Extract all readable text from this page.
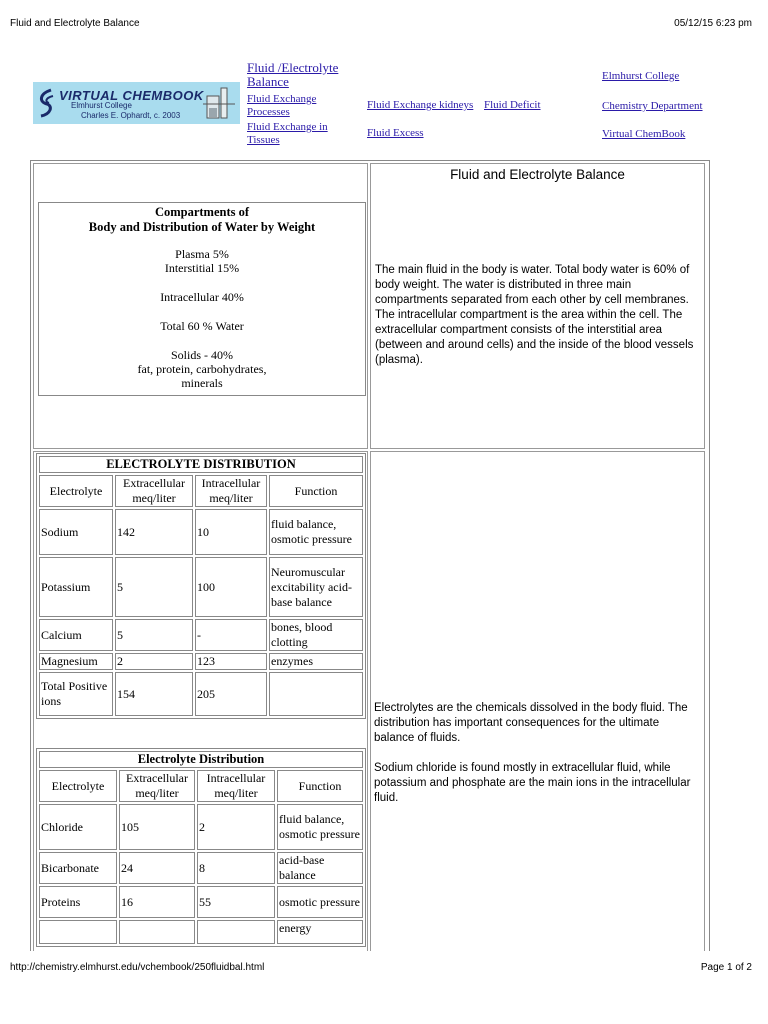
Fluid and Electrolyte Balance	05/12/15 6:23 pm
VIRTUAL CHEMBOOK
Elmhurst College
Charles E. Ophardt, c. 2003
Fluid /Electrolyte Balance
Fluid Exchange Processes
Fluid Exchange in Tissues
Fluid Exchange kidneys Fluid Deficit
Fluid Excess
Elmhurst College
Chemistry Department
Virtual ChemBook
Fluid and Electrolyte Balance
Compartments of
Body and Distribution of Water by Weight

Plasma 5%

Interstitial 15%

Intracellular 40%

Total 60 % Water

Solids - 40%

fat, protein, carbohydrates,

minerals

The main fluid in the body is water. Total body water is 60% of body weight. The water is distributed in three main compartments separated from each other by cell membranes. The intracellular compartment is the area within the cell. The extracellular compartment consists of the interstitial area (between and around cells) and the inside of the blood vessels (plasma).
Electrolytes are the chemicals dissolved in the body fluid. The distribution has important consequences for the ultimate balance of fluids.
Sodium chloride is found mostly in extracellular fluid, while potassium and phosphate are the main ions in the intracellular fluid.
ELECTROLYTE DISTRIBUTION			
Electrolyte	Extracellular meq/liter	Intracellular meq/liter	Function
Sodium	142	10	fluid balance, osmotic pressure
Potassium	5	100	Neuromuscular excitability acid-base balance
Calcium	5	-	bones, blood clotting
Magnesium	2	123	enzymes
Total Positive ions	154	205	
Electrolyte Distribution			
Electrolyte	Extracellular meq/liter	Intracellular meq/liter	Function
Chloride	105	2	fluid balance, osmotic pressure
Bicarbonate	24	8	acid-base balance
Proteins	16	55	osmotic pressure
			energy
http://chemistry.elmhurst.edu/vchembook/250fluidbal.html	Page 1 of 2
